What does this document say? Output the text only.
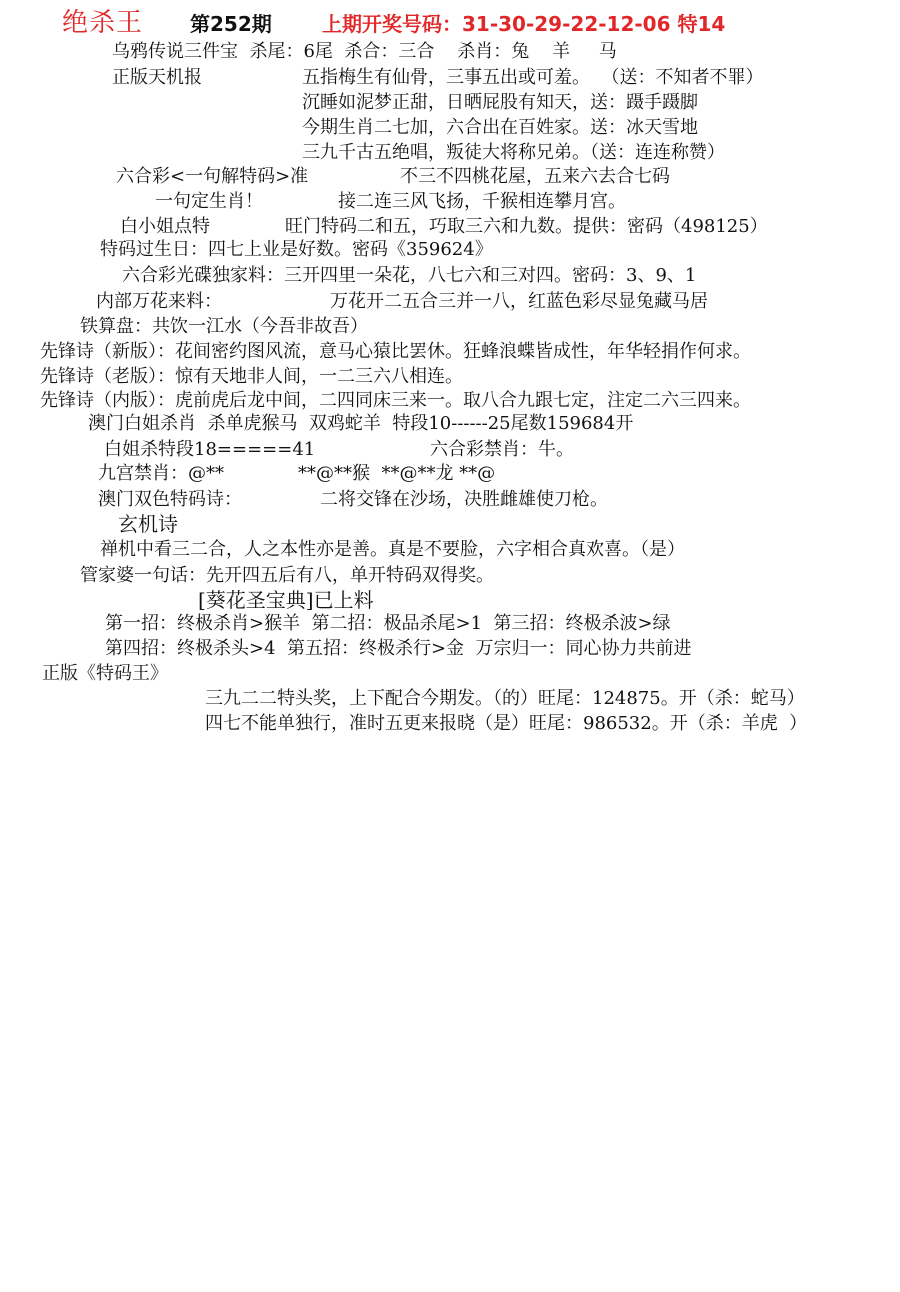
绝杀王 第252期	上期开奖号码：31-30-29-22-12-06 特14
乌鸦传说三件宝  杀尾：6尾  杀合：三合    杀肖：兔    羊     马
正版天机报	五指梅生有仙骨，三事五出或可羞。  （送：不知者不罪）
沉睡如泥梦正甜，日晒屁股有知天，送：蹑手蹑脚
今期生肖二七加，六合出在百姓家。送：冰天雪地
三九千古五绝唱，叛徒大将称兄弟。（送：连连称赞）
六合彩<一句解特码>准	不三不四桃花屋，五来六去合七码
一句定生肖！	接二连三风飞扬，千猴相连攀月宫。
白小姐点特	旺门特码二和五，巧取三六和九数。提供：密码（498125）
特码过生日：四七上业是好数。密码《359624》
六合彩光碟独家料：三开四里一朵花，八七六和三对四。密码：3、9、1
内部万花来料：	万花开二五合三并一八，红蓝色彩尽显兔藏马居
铁算盘：共饮一江水（今吾非故吾）
先锋诗（新版）：花间密约图风流，意马心猿比罢休。狂蜂浪蝶皆成性，年华轻捐作何求。
先锋诗（老版）：惊有天地非人间，一二三六八相连。
先锋诗（内版）：虎前虎后龙中间，二四同床三来一。取八合九跟七定，注定二六三四来。
澳门白姐杀肖  杀单虎猴马  双鸡蛇羊  特段10------25尾数159684开
白姐杀特段18=====41	六合彩禁肖：牛。
九宫禁肖：@**	**@**猴  **@**龙 **@
澳门双色特码诗：	二将交锋在沙场，决胜雌雄使刀枪。
玄机诗
禅机中看三二合，人之本性亦是善。真是不要脸，六字相合真欢喜。（是）
管家婆一句话：先开四五后有八，单开特码双得奖。
[葵花圣宝典]已上料
第一招：终极杀肖>猴羊  第二招：极品杀尾>1  第三招：终极杀波>绿
第四招：终极杀头>4  第五招：终极杀行>金  万宗归一：同心协力共前进
正版《特码王》
三九二二特头奖，上下配合今期发。（的）旺尾：124875。开（杀：蛇马）
四七不能单独行，准时五更来报晓（是）旺尾：986532。开（杀：羊虎  ）
